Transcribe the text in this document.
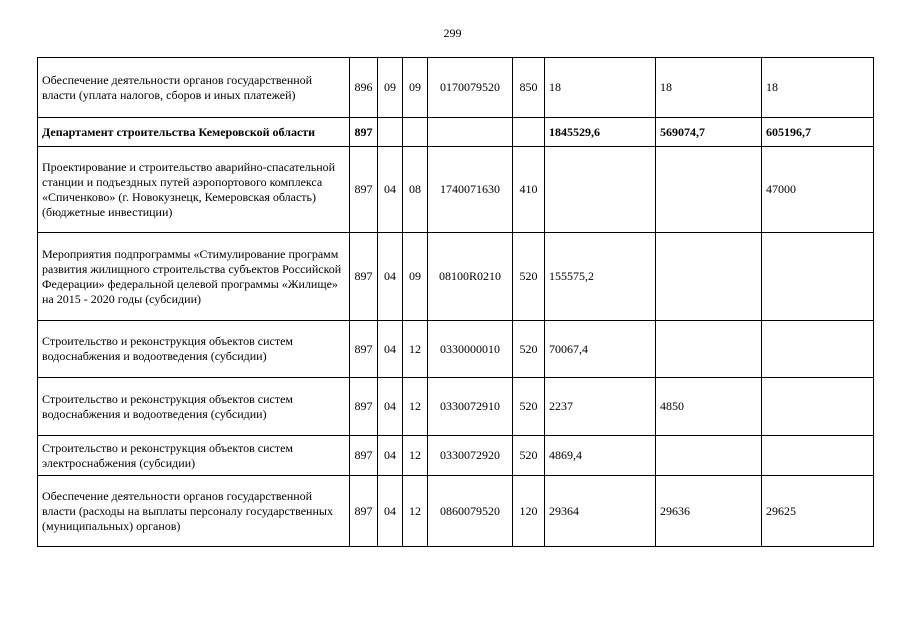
299
Обеспечение деятельности органов государственной власти (уплата налогов, сборов и иных платежей)	896	09	09	0170079520	850	18	18	18
Департамент строительства Кемеровской области	897					1845529,6	569074,7	605196,7
Проектирование и строительство аварийно-спасательной станции и подъездных путей аэропортового комплекса «Спиченково» (г. Новокузнецк, Кемеровская область) (бюджетные инвестиции)	897	04	08	1740071630	410			47000
Мероприятия подпрограммы «Стимулирование программ развития жилищного строительства субъектов Российской Федерации» федеральной целевой программы «Жилище» на 2015 - 2020 годы (субсидии)	897	04	09	08100R0210	520	155575,2		
Строительство и реконструкция объектов систем водоснабжения и водоотведения (субсидии)	897	04	12	0330000010	520	70067,4		
Строительство и реконструкция объектов систем водоснабжения и водоотведения (субсидии)	897	04	12	0330072910	520	2237	4850	
Строительство и реконструкция объектов систем электроснабжения (субсидии)	897	04	12	0330072920	520	4869,4		
Обеспечение деятельности органов государственной власти (расходы на выплаты персоналу государственных (муниципальных) органов)	897	04	12	0860079520	120	29364	29636	29625
